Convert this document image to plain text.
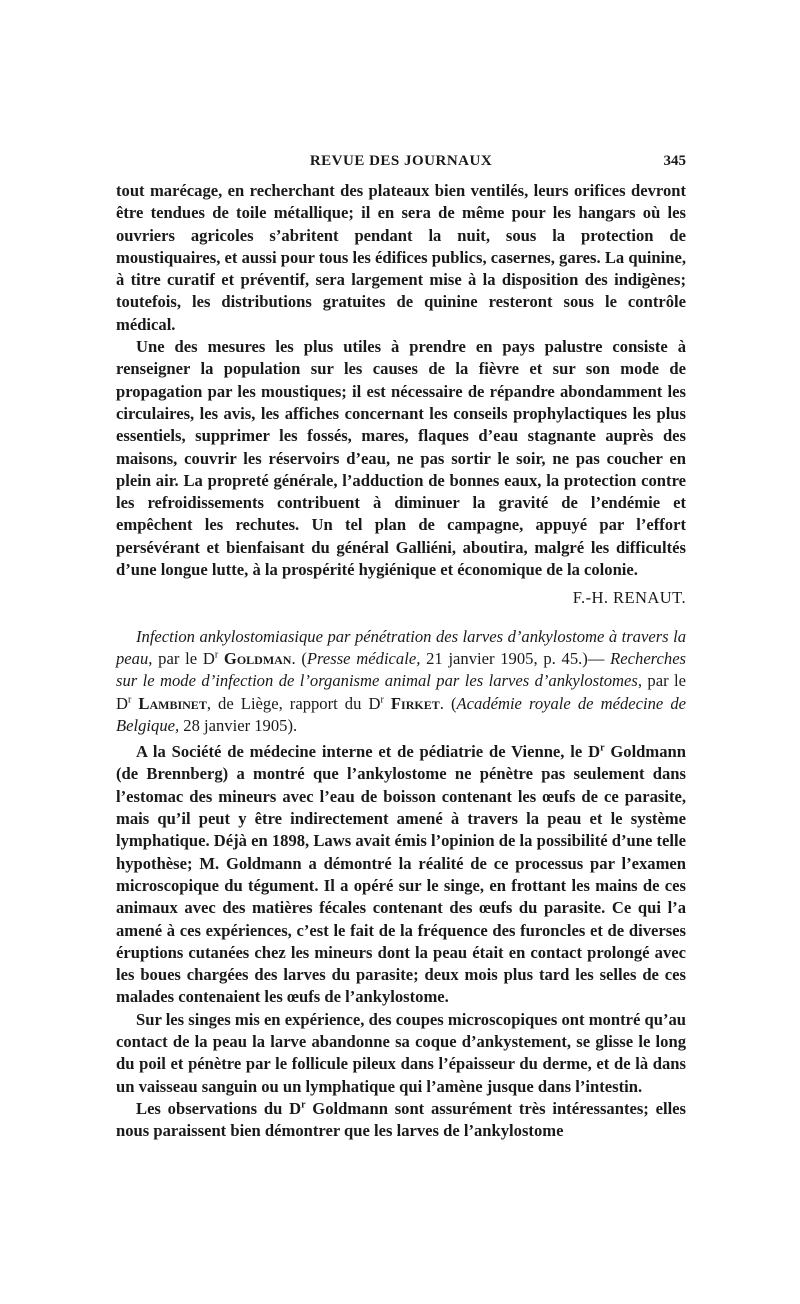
REVUE DES JOURNAUX	345

tout marécage, en recherchant des plateaux bien ventilés, leurs orifices devront être tendues de toile métallique; il en sera de même pour les hangars où les ouvriers agricoles s’abritent pendant la nuit, sous la protection de moustiquaires, et aussi pour tous les édifices publics, casernes, gares. La quinine, à titre curatif et préventif, sera largement mise à la disposition des indigènes; toutefois, les distributions gratuites de quinine resteront sous le contrôle médical.

Une des mesures les plus utiles à prendre en pays palustre consiste à renseigner la population sur les causes de la fièvre et sur son mode de propagation par les moustiques; il est nécessaire de répandre abondamment les circulaires, les avis, les affiches concernant les conseils prophylactiques les plus essentiels, supprimer les fossés, mares, flaques d’eau stagnante auprès des maisons, couvrir les réservoirs d’eau, ne pas sortir le soir, ne pas coucher en plein air. La propreté générale, l’adduction de bonnes eaux, la protection contre les refroidissements contribuent à diminuer la gravité de l’endémie et empêchent les rechutes. Un tel plan de campagne, appuyé par l’effort persévérant et bienfaisant du général Galliéni, aboutira, malgré les difficultés d’une longue lutte, à la prospérité hygiénique et économique de la colonie.

F.-H. RENAUT.

Infection ankylostomiasique par pénétration des larves d’ankylostome à travers la peau, par le $D^r$ Goldman. (Presse médicale, 21 janvier 1905, p. 45.)— Recherches sur le mode d’infection de l’organisme animal par les larves d’ankylostomes, par le $D^r$ Lambinet, de Liège, rapport du $D^r$ Firket. (Académie royale de médecine de Belgique, 28 janvier 1905).

A la Société de médecine interne et de pédiatrie de Vienne, le $D^r$ Goldmann (de Brennberg) a montré que l’ankylostome ne pénètre pas seulement dans l’estomac des mineurs avec l’eau de boisson contenant les œufs de ce parasite, mais qu’il peut y être indirectement amené à travers la peau et le système lymphatique. Déjà en 1898, Laws avait émis l’opinion de la possibilité d’une telle hypothèse; M. Goldmann a démontré la réalité de ce processus par l’examen microscopique du tégument. Il a opéré sur le singe, en frottant les mains de ces animaux avec des matières fécales contenant des œufs du parasite. Ce qui l’a amené à ces expériences, c’est le fait de la fréquence des furoncles et de diverses éruptions cutanées chez les mineurs dont la peau était en contact prolongé avec les boues chargées des larves du parasite; deux mois plus tard les selles de ces malades contenaient les œufs de l’ankylostome.

Sur les singes mis en expérience, des coupes microscopiques ont montré qu’au contact de la peau la larve abandonne sa coque d’ankystement, se glisse le long du poil et pénètre par le follicule pileux dans l’épaisseur du derme, et de là dans un vaisseau sanguin ou un lymphatique qui l’amène jusque dans l’intestin.

Les observations du $D^r$ Goldmann sont assurément très intéressantes; elles nous paraissent bien démontrer que les larves de l’ankylostome
